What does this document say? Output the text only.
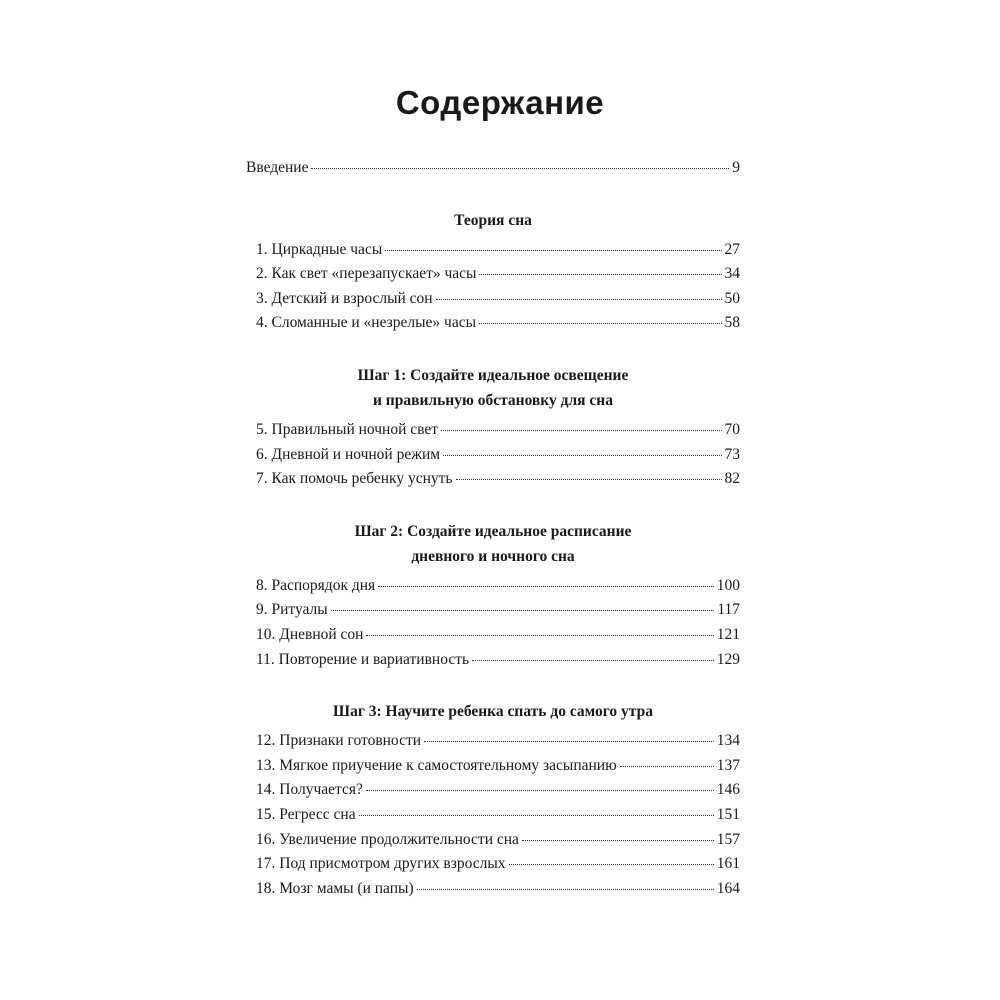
Содержание
Введение	9
Теория сна
1. Циркадные часы	27
2. Как свет «перезапускает» часы	34
3. Детский и взрослый сон	50
4. Сломанные и «незрелые» часы	58
Шаг 1: Создайте идеальное освещение
и правильную обстановку для сна
5. Правильный ночной свет	70
6. Дневной и ночной режим	73
7. Как помочь ребенку уснуть	82
Шаг 2: Создайте идеальное расписание
дневного и ночного сна
8. Распорядок дня	100
9. Ритуалы	117
10. Дневной сон	121
11. Повторение и вариативность	129
Шаг 3: Научите ребенка спать до самого утра
12. Признаки готовности	134
13. Мягкое приучение к самостоятельному засыпанию	137
14. Получается?	146
15. Регресс сна	151
16. Увеличение продолжительности сна	157
17. Под присмотром других взрослых	161
18. Мозг мамы (и папы)	164
